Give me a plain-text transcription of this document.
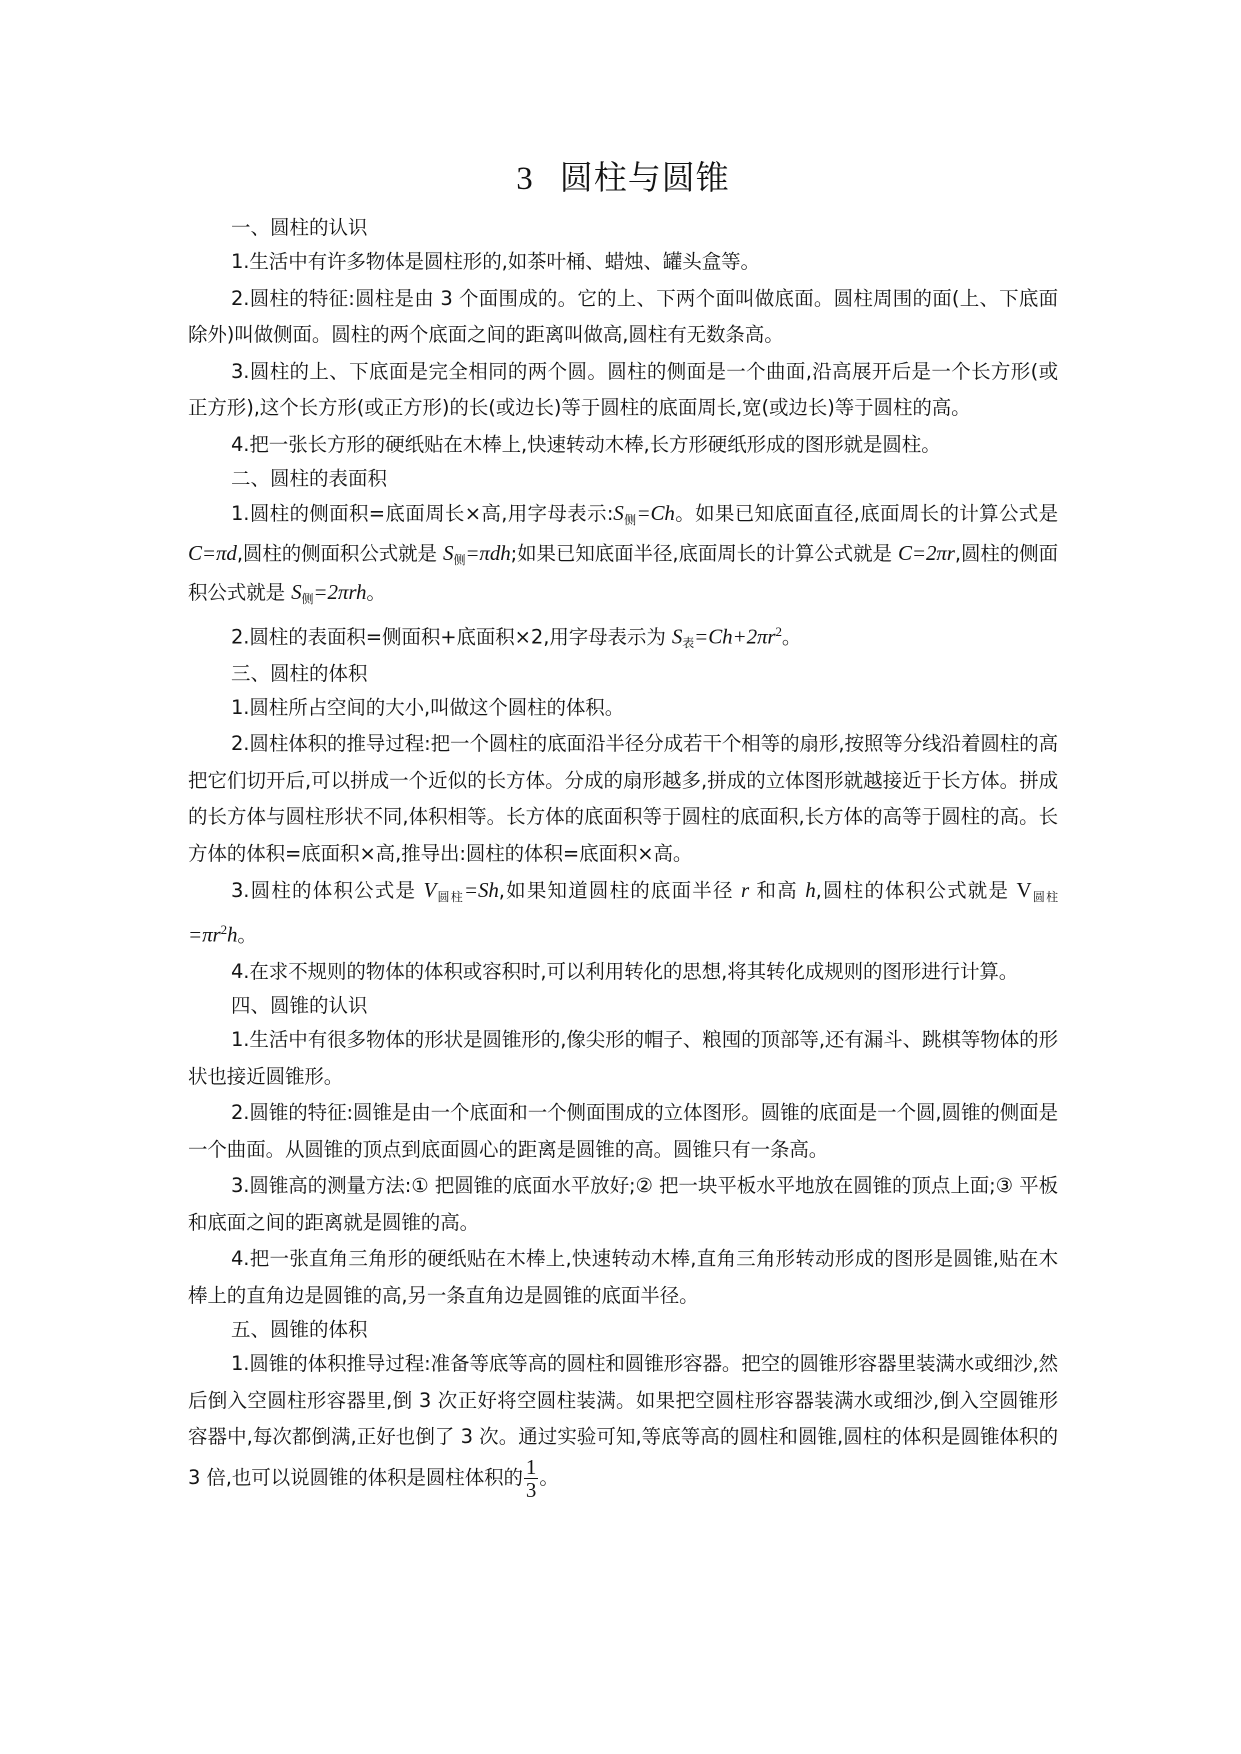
3 圆柱与圆锥

一、圆柱的认识

1.生活中有许多物体是圆柱形的,如茶叶桶、蜡烛、罐头盒等。

2.圆柱的特征:圆柱是由 3 个面围成的。它的上、下两个面叫做底面。圆柱周围的面(上、下底面除外)叫做侧面。圆柱的两个底面之间的距离叫做高,圆柱有无数条高。

3.圆柱的上、下底面是完全相同的两个圆。圆柱的侧面是一个曲面,沿高展开后是一个长方形(或正方形),这个长方形(或正方形)的长(或边长)等于圆柱的底面周长,宽(或边长)等于圆柱的高。

4.把一张长方形的硬纸贴在木棒上,快速转动木棒,长方形硬纸形成的图形就是圆柱。

二、圆柱的表面积

1.圆柱的侧面积=底面周长×高,用字母表示$:S_侧=Ch$。如果已知底面直径,底面周长的计算公式是 C=πd,圆柱的侧面积公式就是 $S_侧=\pi dh$;如果已知底面半径,底面周长的计算公式就是 C=2πr,圆柱的侧面积公式就是 $S_侧=2\pi rh$。

2.圆柱的表面积=侧面积+底面积×2,用字母表示为 $S_表=Ch+2\pi r^2$。

三、圆柱的体积

1.圆柱所占空间的大小,叫做这个圆柱的体积。

2.圆柱体积的推导过程:把一个圆柱的底面沿半径分成若干个相等的扇形,按照等分线沿着圆柱的高把它们切开后,可以拼成一个近似的长方体。分成的扇形越多,拼成的立体图形就越接近于长方体。拼成的长方体与圆柱形状不同,体积相等。长方体的底面积等于圆柱的底面积,长方体的高等于圆柱的高。长方体的体积=底面积×高,推导出:圆柱的体积=底面积×高。

3.圆柱的体积公式是 $V_{圆柱}=Sh$,如果知道圆柱的底面半径 r 和高 h,圆柱的体积公式就是 $V_{圆柱}=\pi r^2h$。

4.在求不规则的物体的体积或容积时,可以利用转化的思想,将其转化成规则的图形进行计算。

四、圆锥的认识

1.生活中有很多物体的形状是圆锥形的,像尖形的帽子、粮囤的顶部等,还有漏斗、跳棋等物体的形状也接近圆锥形。

2.圆锥的特征:圆锥是由一个底面和一个侧面围成的立体图形。圆锥的底面是一个圆,圆锥的侧面是一个曲面。从圆锥的顶点到底面圆心的距离是圆锥的高。圆锥只有一条高。

3.圆锥高的测量方法:① 把圆锥的底面水平放好;② 把一块平板水平地放在圆锥的顶点上面;③ 平板和底面之间的距离就是圆锥的高。

4.把一张直角三角形的硬纸贴在木棒上,快速转动木棒,直角三角形转动形成的图形是圆锥,贴在木棒上的直角边是圆锥的高,另一条直角边是圆锥的底面半径。

五、圆锥的体积

1.圆锥的体积推导过程:准备等底等高的圆柱和圆锥形容器。把空的圆锥形容器里装满水或细沙,然后倒入空圆柱形容器里,倒 3 次正好将空圆柱装满。如果把空圆柱形容器装满水或细沙,倒入空圆锥形容器中,每次都倒满,正好也倒了 3 次。通过实验可知,等底等高的圆柱和圆锥,圆柱的体积是圆锥体积的 3 倍,也可以说圆锥的体积是圆柱体积的 $\frac{1}{3}$ 。
